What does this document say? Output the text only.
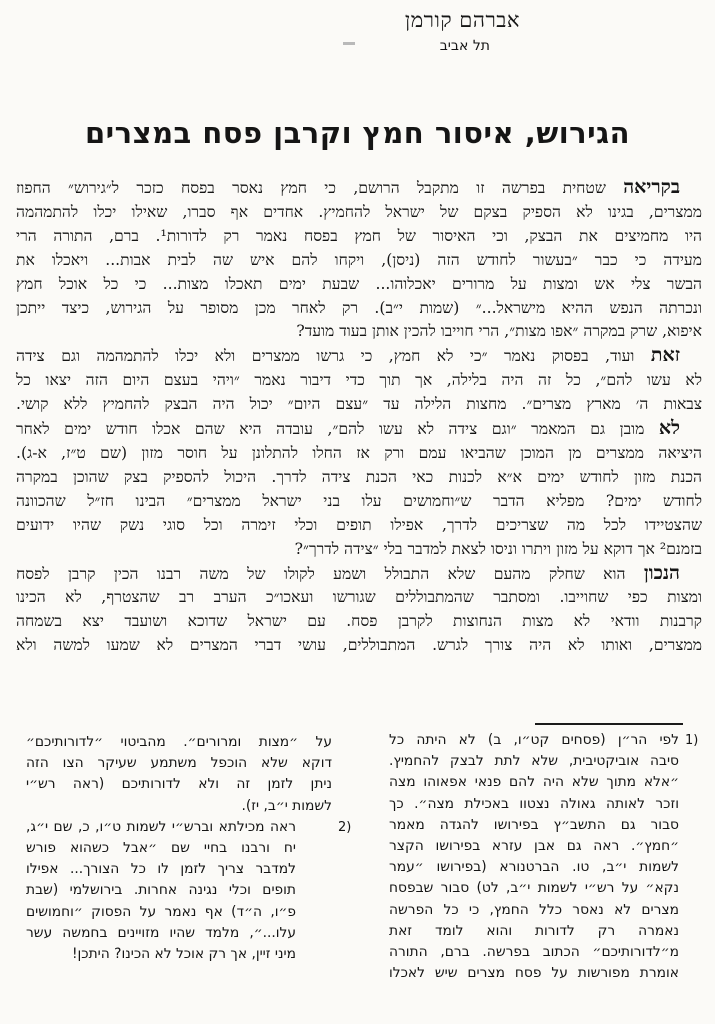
אברהם קורמן
תל אביב
הגירוש, איסור חמץ וקרבן פסח במצרים
בקריאה שטחית בפרשה זו מתקבל הרושם, כי חמץ נאסר בפסח כזכר ל״גירוש״ החפוז
ממצרים, בגינו לא הספיק בצקם של ישראל להחמיץ. אחדים אף סברו, שאילו יכלו להתמהמה
היו מחמיצים את הבצק, וכי האיסור של חמץ בפסח נאמר רק לדורות¹. ברם, התורה הרי
מעידה כי כבר ״בעשור לחודש הזה (ניסן), ויקחו להם איש שה לבית אבות... ויאכלו את
הבשר צלי אש ומצות על מרורים יאכלוהו... שבעת ימים תאכלו מצות... כי כל אוכל חמץ
ונכרתה הנפש ההיא מישראל...״ (שמות י״ב). רק לאחר מכן מסופר על הגירוש, כיצד ייתכן
איפוא, שרק במקרה ״אפו מצות״, הרי חוייבו להכין אותן בעוד מועד?
זאת ועוד, בפסוק נאמר ״כי לא חמץ, כי גרשו ממצרים ולא יכלו להתמהמה וגם צידה
לא עשו להם״, כל זה היה בלילה, אך תוך כדי דיבור נאמר ״ויהי בעצם היום הזה יצאו כל
צבאות ה׳ מארץ מצרים״. מחצות הלילה עד ״עצם היום״ יכול היה הבצק להחמיץ ללא קושי.
לא מובן גם המאמר ״וגם צידה לא עשו להם״, עובדה היא שהם אכלו חודש ימים לאחר
היציאה ממצרים מן המוכן שהביאו עמם ורק אז החלו להתלונן על חוסר מזון (שם ט״ז, א-ג).
הכנת מזון לחודש ימים א״א לכנות כאי הכנת צידה לדרך. היכול להספיק בצק שהוכן במקרה
לחודש ימים? מפליא הדבר ש״וחמושים עלו בני ישראל ממצרים״ הבינו חז״ל שהכוונה
שהצטיידו לכל מה שצריכים לדרך, אפילו תופים וכלי זימרה וכל סוגי נשק שהיו ידועים
בזמנם² אך דוקא על מזון ויתרו וניסו לצאת למדבר בלי ״צידה לדרך״?
הנכון הוא שחלק מהעם שלא התבולל ושמע לקולו של משה רבנו הכין קרבן לפסח
ומצות כפי שחוייבו. ומסתבר שהמתבוללים שגורשו ועאכו״כ הערב רב שהצטרף, לא הכינו
קרבנות וודאי לא מצות הנחוצות לקרבן פסח. עם ישראל שדוכא ושועבד יצא בשמחה
ממצרים, ואותו לא היה צורך לגרש. המתבוללים, עושי דברי המצרים לא שמעו למשה ולא
(1
לפי הר״ן (פסחים קט״ו, ב) לא היתה כל
סיבה אוביקטיבית, שלא לתת לבצק להחמיץ.
״אלא מתוך שלא היה להם פנאי אפאוהו מצה
וזכר לאותה גאולה נצטוו באכילת מצה״. כך
סבור גם התשב״ץ בפירושו להגדה מאמר
״חמץ״. ראה גם אבן עזרא בפירושו הקצר
לשמות י״ב, טו. הברטנורא (בפירושו ״עמר
נקא״ על רש״י לשמות י״ב, לט) סבור שבפסח
מצרים לא נאסר כלל החמץ, כי כל הפרשה
נאמרה רק לדורות והוא לומד זאת
מ״לדורותיכם״ הכתוב בפרשה. ברם, התורה
אומרת מפורשות על פסח מצרים שיש לאכלו
על ״מצות ומרורים״. מהביטוי ״לדורותיכם״
דוקא שלא הוכפל משתמע שעיקר הצו הזה
ניתן לזמן זה ולא לדורותיכם (ראה רש״י
לשמות י״ב, יז).
(2
ראה מכילתא וברש״י לשמות ט״ו, כ, שם י״ג,
יח ורבנו בחיי שם ״אבל כשהוא פורש
למדבר צריך לזמן לו כל הצורך... אפילו
תופים וכלי נגינה אחרות. בירושלמי (שבת
פ״ו, ה״ד) אף נאמר על הפסוק ״וחמושים
עלו...״, מלמד שהיו מזויינים בחמשה עשר
מיני זיין, אך רק אוכל לא הכינו? היתכן!
